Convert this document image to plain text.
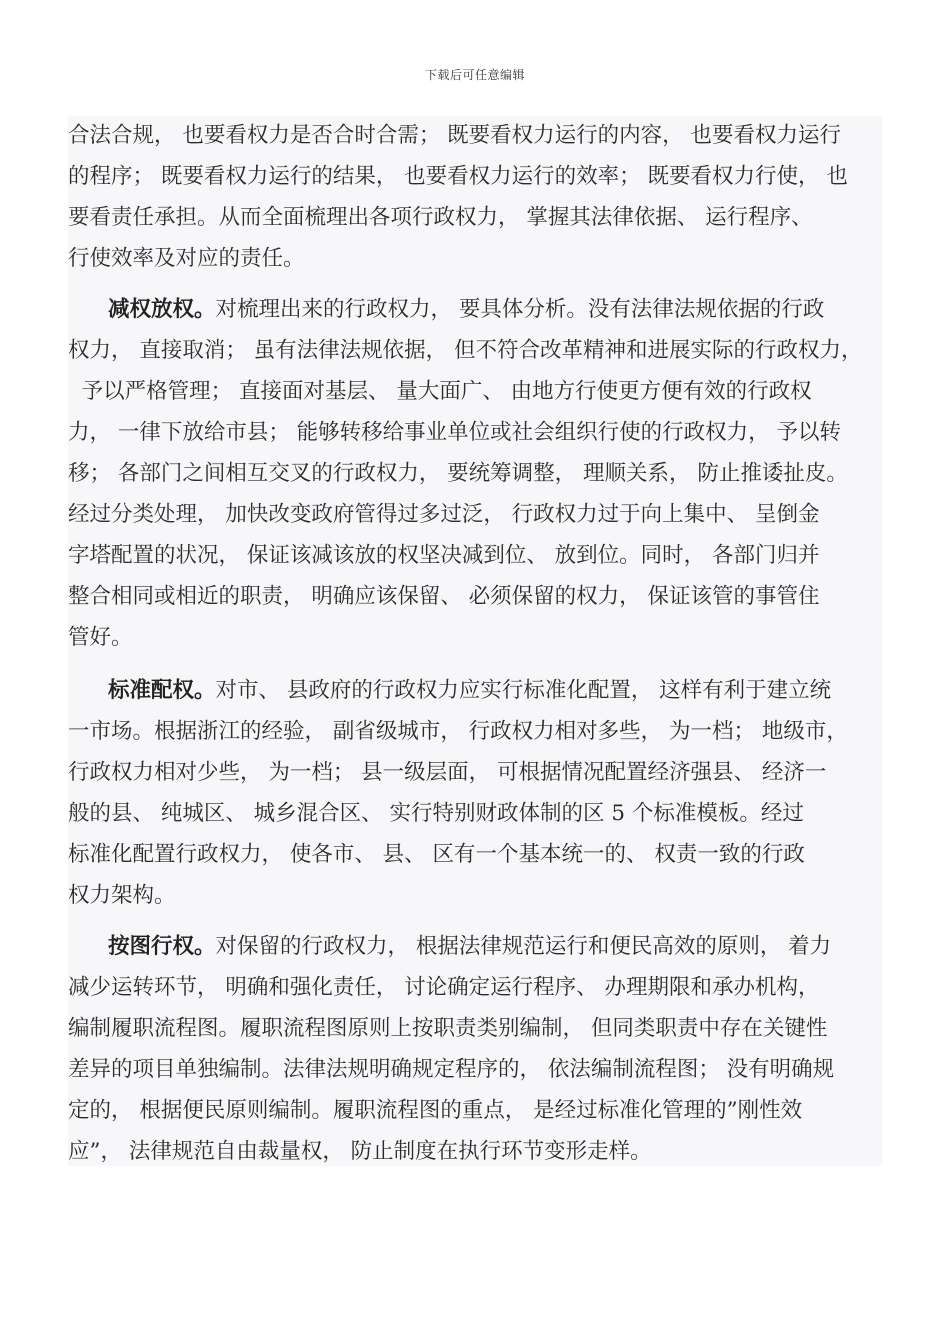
下载后可任意编辑
合法合规， 也要看权力是否合时合需； 既要看权力运行的内容， 也要看权力运行
的程序； 既要看权力运行的结果， 也要看权力运行的效率； 既要看权力行使， 也
要看责任承担。从而全面梳理出各项行政权力， 掌握其法律依据、 运行程序、
行使效率及对应的责任。
减权放权。对梳理出来的行政权力， 要具体分析。没有法律法规依据的行政
权力， 直接取消； 虽有法律法规依据， 但不符合改革精神和进展实际的行政权力，
予以严格管理； 直接面对基层、 量大面广、 由地方行使更方便有效的行政权
力， 一律下放给市县； 能够转移给事业单位或社会组织行使的行政权力， 予以转
移； 各部门之间相互交叉的行政权力， 要统筹调整， 理顺关系， 防止推诿扯皮。
经过分类处理， 加快改变政府管得过多过泛， 行政权力过于向上集中、 呈倒金
字塔配置的状况， 保证该减该放的权坚决减到位、 放到位。同时， 各部门归并
整合相同或相近的职责， 明确应该保留、 必须保留的权力， 保证该管的事管住
管好。
标准配权。对市、 县政府的行政权力应实行标准化配置， 这样有利于建立统
一市场。根据浙江的经验， 副省级城市， 行政权力相对多些， 为一档； 地级市，
行政权力相对少些， 为一档； 县一级层面， 可根据情况配置经济强县、 经济一
般的县、 纯城区、 城乡混合区、 实行特别财政体制的区 5 个标准模板。经过
标准化配置行政权力， 使各市、 县、 区有一个基本统一的、 权责一致的行政
权力架构。
按图行权。对保留的行政权力， 根据法律规范运行和便民高效的原则， 着力
减少运转环节， 明确和强化责任， 讨论确定运行程序、 办理期限和承办机构，
编制履职流程图。履职流程图原则上按职责类别编制， 但同类职责中存在关键性
差异的项目单独编制。法律法规明确规定程序的， 依法编制流程图； 没有明确规
定的， 根据便民原则编制。履职流程图的重点， 是经过标准化管理的”刚性效
应”， 法律规范自由裁量权， 防止制度在执行环节变形走样。
